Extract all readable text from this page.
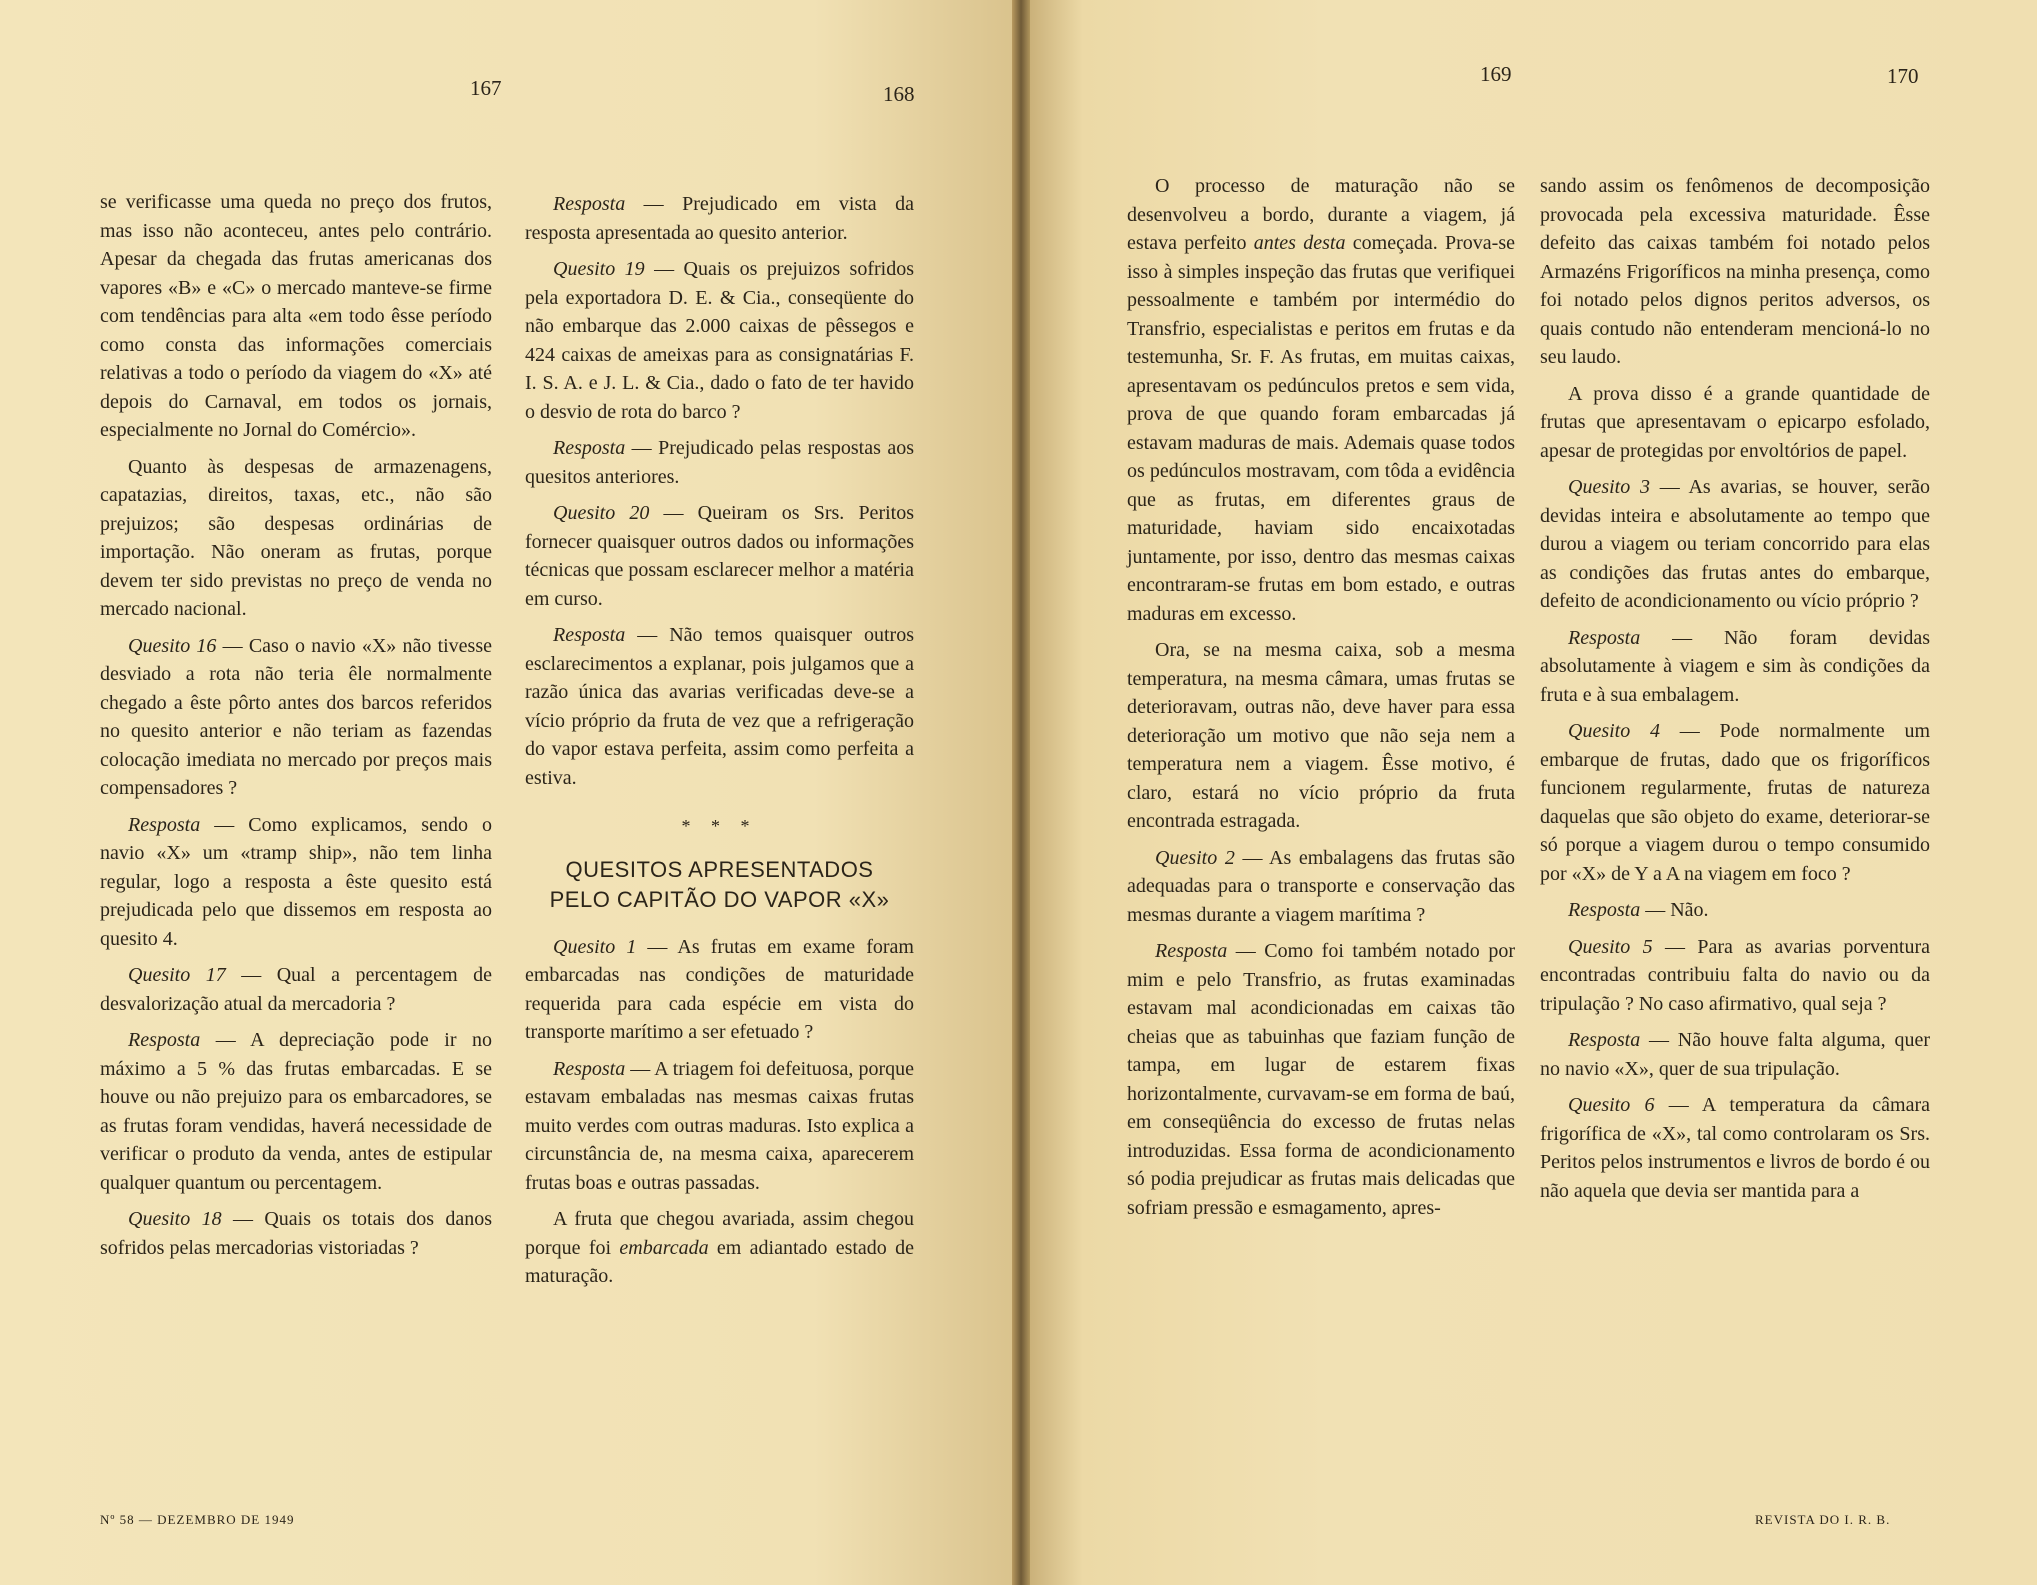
167	168
169	170

se verificasse uma queda no preço dos frutos, mas isso não aconteceu, antes pelo contrário. Apesar da chegada das frutas americanas dos vapores «B» e «C» o mercado manteve-se firme com tendências para alta «em todo êsse período como consta das informações comerciais relativas a todo o período da viagem do «X» até depois do Carnaval, em todos os jornais, especialmente no Jornal do Comércio».

Quanto às despesas de armazenagens, capatazias, direitos, taxas, etc., não são prejuizos; são despesas ordinárias de importação. Não oneram as frutas, porque devem ter sido previstas no preço de venda no mercado nacional.

Quesito 16 — Caso o navio «X» não tivesse desviado a rota não teria êle normalmente chegado a êste pôrto antes dos barcos referidos no quesito anterior e não teriam as fazendas colocação imediata no mercado por preços mais compensadores ?

Resposta — Como explicamos, sendo o navio «X» um «tramp ship», não tem linha regular, logo a resposta a êste quesito está prejudicada pelo que dissemos em resposta ao quesito 4.

Quesito 17 — Qual a percentagem de desvalorização atual da mercadoria ?

Resposta — A depreciação pode ir no máximo a 5 % das frutas embarcadas. E se houve ou não prejuizo para os embarcadores, se as frutas foram vendidas, haverá necessidade de verificar o produto da venda, antes de estipular qualquer quantum ou percentagem.

Quesito 18 — Quais os totais dos danos sofridos pelas mercadorias vistoriadas ?

Resposta — Prejudicado em vista da resposta apresentada ao quesito anterior.

Quesito 19 — Quais os prejuizos sofridos pela exportadora D. E. & Cia., conseqüente do não embarque das 2.000 caixas de pêssegos e 424 caixas de ameixas para as consignatárias F. I. S. A. e J. L. & Cia., dado o fato de ter havido o desvio de rota do barco ?

Resposta — Prejudicado pelas respostas aos quesitos anteriores.

Quesito 20 — Queiram os Srs. Peritos fornecer quaisquer outros dados ou informações técnicas que possam esclarecer melhor a matéria em curso.

Resposta — Não temos quaisquer outros esclarecimentos a explanar, pois julgamos que a razão única das avarias verificadas deve-se a vício próprio da fruta de vez que a refrigeração do vapor estava perfeita, assim como perfeita a estiva.

* * *
QUESITOS APRESENTADOS
PELO CAPITÃO DO VAPOR «X»

Quesito 1 — As frutas em exame foram embarcadas nas condições de maturidade requerida para cada espécie em vista do transporte marítimo a ser efetuado ?

Resposta — A triagem foi defeituosa, porque estavam embaladas nas mesmas caixas frutas muito verdes com outras maduras. Isto explica a circunstância de, na mesma caixa, aparecerem frutas boas e outras passadas.

A fruta que chegou avariada, assim chegou porque foi embarcada em adiantado estado de maturação.

O processo de maturação não se desenvolveu a bordo, durante a viagem, já estava perfeito antes desta começada. Prova-se isso à simples inspeção das frutas que verifiquei pessoalmente e também por intermédio do Transfrio, especialistas e peritos em frutas e da testemunha, Sr. F. As frutas, em muitas caixas, apresentavam os pedúnculos pretos e sem vida, prova de que quando foram embarcadas já estavam maduras de mais. Ademais quase todos os pedúnculos mostravam, com tôda a evidência que as frutas, em diferentes graus de maturidade, haviam sido encaixotadas juntamente, por isso, dentro das mesmas caixas encontraram-se frutas em bom estado, e outras maduras em excesso.

Ora, se na mesma caixa, sob a mesma temperatura, na mesma câmara, umas frutas se deterioravam, outras não, deve haver para essa deterioração um motivo que não seja nem a temperatura nem a viagem. Êsse motivo, é claro, estará no vício próprio da fruta encontrada estragada.

Quesito 2 — As embalagens das frutas são adequadas para o transporte e conservação das mesmas durante a viagem marítima ?

Resposta — Como foi também notado por mim e pelo Transfrio, as frutas examinadas estavam mal acondicionadas em caixas tão cheias que as tabuinhas que faziam função de tampa, em lugar de estarem fixas horizontalmente, curvavam-se em forma de baú, em conseqüência do excesso de frutas nelas introduzidas. Essa forma de acondicionamento só podia prejudicar as frutas mais delicadas que sofriam pressão e esmagamento, apres-

sando assim os fenômenos de decomposição provocada pela excessiva maturidade. Êsse defeito das caixas também foi notado pelos Armazéns Frigoríficos na minha presença, como foi notado pelos dignos peritos adversos, os quais contudo não entenderam mencioná-lo no seu laudo.

A prova disso é a grande quantidade de frutas que apresentavam o epicarpo esfolado, apesar de protegidas por envoltórios de papel.

Quesito 3 — As avarias, se houver, serão devidas inteira e absolutamente ao tempo que durou a viagem ou teriam concorrido para elas as condições das frutas antes do embarque, defeito de acondicionamento ou vício próprio ?

Resposta — Não foram devidas absolutamente à viagem e sim às condições da fruta e à sua embalagem.

Quesito 4 — Pode normalmente um embarque de frutas, dado que os frigoríficos funcionem regularmente, frutas de natureza daquelas que são objeto do exame, deteriorar-se só porque a viagem durou o tempo consumido por «X» de Y a A na viagem em foco ?

Resposta — Não.

Quesito 5 — Para as avarias porventura encontradas contribuiu falta do navio ou da tripulação ? No caso afirmativo, qual seja ?

Resposta — Não houve falta alguma, quer no navio «X», quer de sua tripulação.

Quesito 6 — A temperatura da câmara frigorífica de «X», tal como controlaram os Srs. Peritos pelos instrumentos e livros de bordo é ou não aquela que devia ser mantida para a

Nº 58 — DEZEMBRO DE 1949	REVISTA DO I. R. B.
